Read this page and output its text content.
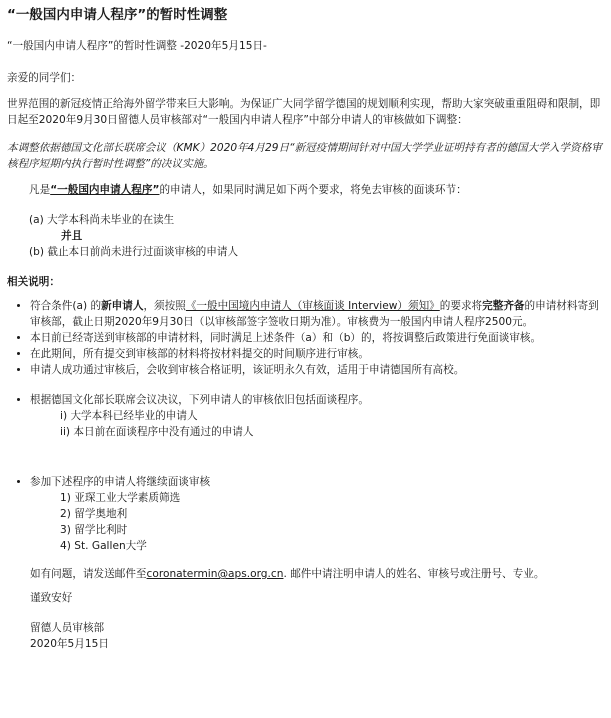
“一般国内申请人程序”的暂时性调整

“一般国内申请人程序”的暂时性调整 -2020年5月15日-

亲爱的同学们：

世界范围的新冠疫情正给海外留学带来巨大影响。为保证广大同学留学德国的规划顺利实现，帮助大家突破重重阻碍和限制，即日起至2020年9月30日留德人员审核部对“一般国内申请人程序”中部分申请人的审核做如下调整：

本调整依据德国文化部长联席会议（KMK）2020年4月29日“新冠疫情期间针对中国大学学业证明持有者的德国大学入学资格审核程序短期内执行暂时性调整”的决议实施。

凡是“一般国内申请人程序”的申请人，如果同时满足如下两个要求，将免去审核的面谈环节：

(a) 大学本科尚未毕业的在读生

并且

(b) 截止本日前尚未进行过面谈审核的申请人

相关说明：

• 符合条件(a) 的新申请人，须按照《一般中国境内申请人（审核面谈 Interview）须知》的要求将完整齐备的申请材料寄到审核部，截止日期2020年9月30日（以审核部签字签收日期为准）。审核费为一般国内申请人程序2500元。
• 本日前已经寄送到审核部的申请材料，同时满足上述条件（a）和（b）的，将按调整后政策进行免面谈审核。
• 在此期间，所有提交到审核部的材料将按材料提交的时间顺序进行审核。
• 申请人成功通过审核后，会收到审核合格证明，该证明永久有效，适用于申请德国所有高校。
• 根据德国文化部长联席会议决议，下列申请人的审核依旧包括面谈程序。

i) 大学本科已经毕业的申请人

ii) 本日前在面谈程序中没有通过的申请人

• 参加下述程序的申请人将继续面谈审核

1) 亚琛工业大学素质筛选

2) 留学奥地利

3) 留学比利时

4) St. Gallen大学

如有问题，请发送邮件至coronatermin@aps.org.cn. 邮件中请注明申请人的姓名、审核号或注册号、专业。

谨致安好

留德人员审核部

2020年5月15日
